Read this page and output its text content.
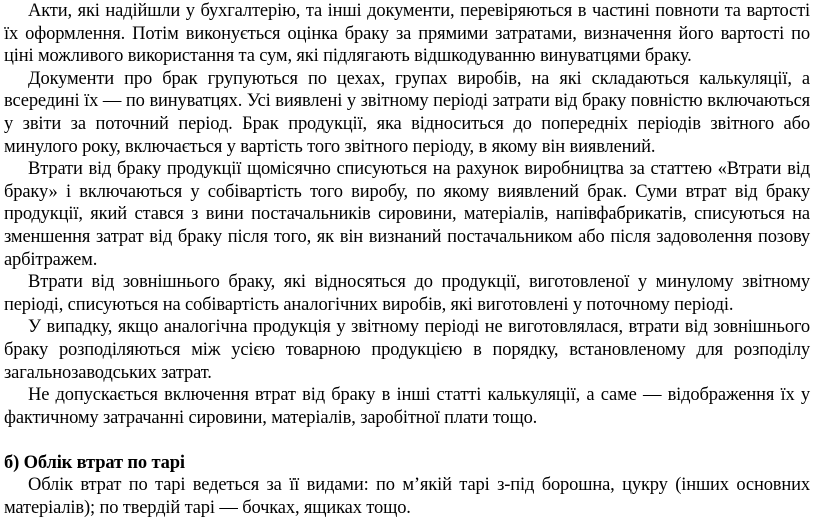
Акти, які надійшли у бухгалтерію, та інші документи, перевіряються в частині повноти та вартості їх оформлення. Потім виконується оцінка браку за прямими затратами, визначення його вартості по ціні можливого використання та сум, які підлягають відшкодуванню винуватцями браку.

Документи про брак групуються по цехах, групах виробів, на які складаються калькуляції, а всередині їх — по винуватцях. Усі виявлені у звітному періоді затрати від браку повністю включаються у звіти за поточний період. Брак продукції, яка відноситься до попередніх періодів звітного або минулого року, включається у вартість того звітного періоду, в якому він виявлений.

Втрати від браку продукції щомісячно списуються на рахунок виробництва за статтею «Втрати від браку» і включаються у собівартість того виробу, по якому виявлений брак. Суми втрат від браку продукції, який стався з вини постачальників сировини, матеріалів, напівфабрикатів, списуються на зменшення затрат від браку після того, як він визнаний постачальником або після задоволення позову арбітражем.

Втрати від зовнішнього браку, які відносяться до продукції, виготовленої у минулому звітному періоді, списуються на собівартість аналогічних виробів, які виготовлені у поточному періоді.

У випадку, якщо аналогічна продукція у звітному періоді не виготовлялася, втрати від зовнішнього браку розподіляються між усією товарною продукцією в порядку, встановленому для розподілу загальнозаводських затрат.

Не допускається включення втрат від браку в інші статті калькуляції, а саме — відображення їх у фактичному затрачанні сировини, матеріалів, заробітної плати тощо.

б) Облік втрат по тарі

Облік втрат по тарі ведеться за її видами: по м’якій тарі з-під борошна, цукру (інших основних матеріалів); по твердій тарі — бочках, ящиках тощо.
